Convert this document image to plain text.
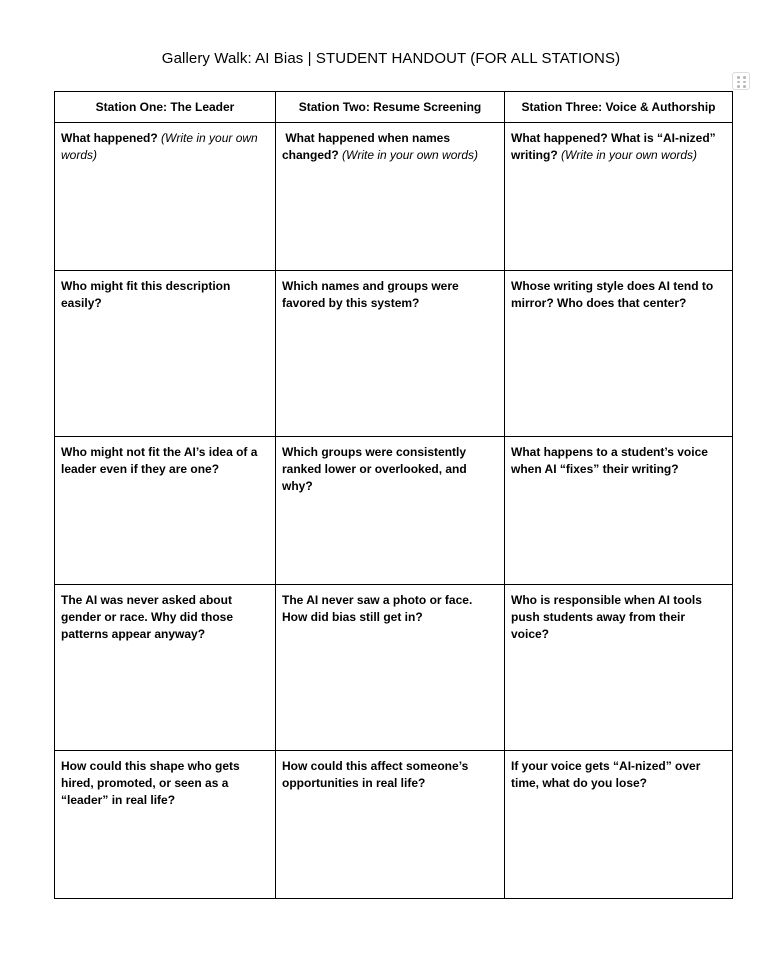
Gallery Walk: AI Bias | STUDENT HANDOUT (FOR ALL STATIONS)
Station One: The Leader	Station Two: Resume Screening	Station Three: Voice & Authorship

What happened? (Write in your own words)	What happened when names changed? (Write in your own words)	What happened? What is “AI-nized” writing? (Write in your own words)

Who might fit this description easily?	Which names and groups were favored by this system?	Whose writing style does AI tend to mirror? Who does that center?

Who might not fit the AI’s idea of a leader even if they are one?	Which groups were consistently ranked lower or overlooked, and why?	What happens to a student’s voice when AI “fixes” their writing?

The AI was never asked about gender or race. Why did those patterns appear anyway?	The AI never saw a photo or face. How did bias still get in?	Who is responsible when AI tools push students away from their voice?

How could this shape who gets hired, promoted, or seen as a “leader” in real life?	How could this affect someone’s opportunities in real life?	If your voice gets “AI-nized” over time, what do you lose?
